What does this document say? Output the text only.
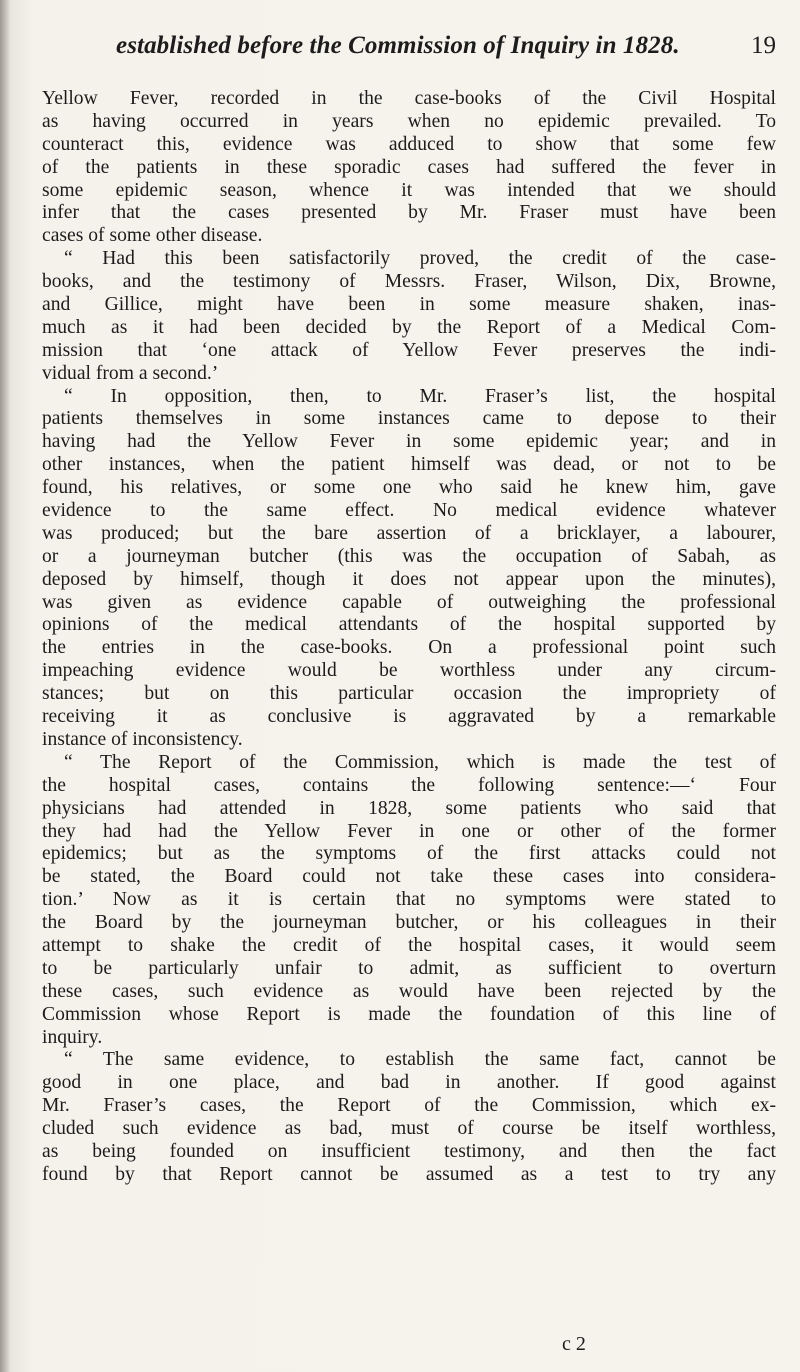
established before the Commission of Inquiry in 1828.	19
Yellow Fever, recorded in the case-books of the Civil Hospital
as having occurred in years when no epidemic prevailed. To
counteract this, evidence was adduced to show that some few
of the patients in these sporadic cases had suffered the fever in
some epidemic season, whence it was intended that we should
infer that the cases presented by Mr. Fraser must have been
cases of some other disease.
“ Had this been satisfactorily proved, the credit of the case-
books, and the testimony of Messrs. Fraser, Wilson, Dix, Browne,
and Gillice, might have been in some measure shaken, inas-
much as it had been decided by the Report of a Medical Com-
mission that ‘one attack of Yellow Fever preserves the indi-
vidual from a second.’
“ In opposition, then, to Mr. Fraser’s list, the hospital
patients themselves in some instances came to depose to their
having had the Yellow Fever in some epidemic year; and in
other instances, when the patient himself was dead, or not to be
found, his relatives, or some one who said he knew him, gave
evidence to the same effect. No medical evidence whatever
was produced; but the bare assertion of a bricklayer, a labourer,
or a journeyman butcher (this was the occupation of Sabah, as
deposed by himself, though it does not appear upon the minutes),
was given as evidence capable of outweighing the professional
opinions of the medical attendants of the hospital supported by
the entries in the case-books. On a professional point such
impeaching evidence would be worthless under any circum-
stances; but on this particular occasion the impropriety of
receiving it as conclusive is aggravated by a remarkable
instance of inconsistency.
“ The Report of the Commission, which is made the test of
the hospital cases, contains the following sentence:—‘ Four
physicians had attended in 1828, some patients who said that
they had had the Yellow Fever in one or other of the former
epidemics; but as the symptoms of the first attacks could not
be stated, the Board could not take these cases into considera-
tion.’ Now as it is certain that no symptoms were stated to
the Board by the journeyman butcher, or his colleagues in their
attempt to shake the credit of the hospital cases, it would seem
to be particularly unfair to admit, as sufficient to overturn
these cases, such evidence as would have been rejected by the
Commission whose Report is made the foundation of this line of
inquiry.
“ The same evidence, to establish the same fact, cannot be
good in one place, and bad in another. If good against
Mr. Fraser’s cases, the Report of the Commission, which ex-
cluded such evidence as bad, must of course be itself worthless,
as being founded on insufficient testimony, and then the fact
found by that Report cannot be assumed as a test to try any
c 2
